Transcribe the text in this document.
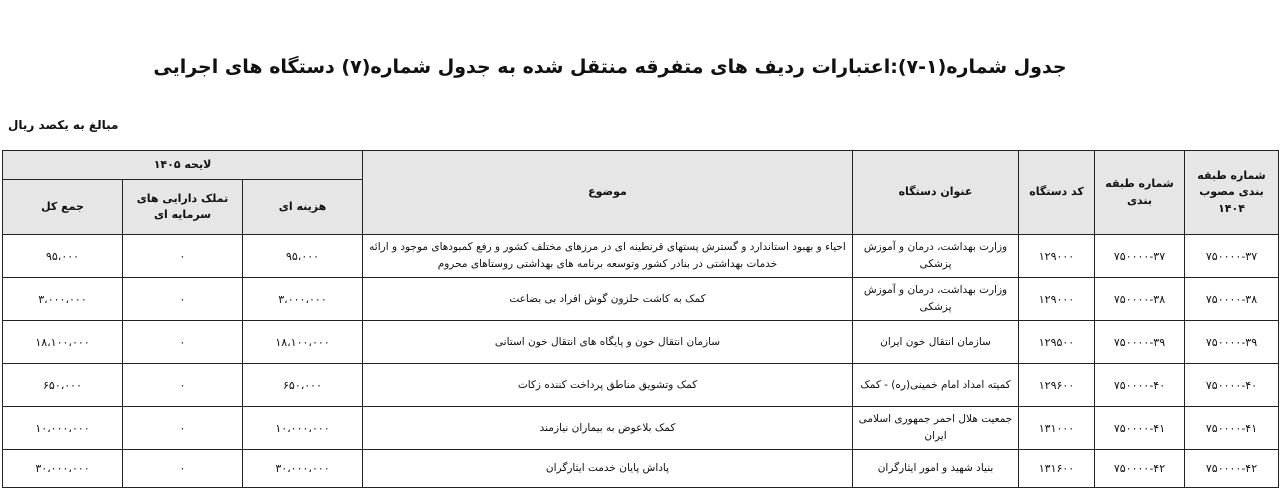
جدول شماره(۱-۷):اعتبارات ردیف های متفرقه منتقل شده به جدول شماره(۷) دستگاه های اجرایی
مبالغ به یکصد ریال
شماره طبقه بندی مصوب ۱۴۰۴	شماره طبقه بندی	کد دستگاه	عنوان دستگاه	موضوع	لایحه ۱۴۰۵		
					هزینه ای	تملک دارایی های سرمایه ای	جمع کل
۷۵۰۰۰۰-۳۷	۷۵۰۰۰۰-۳۷	۱۲۹۰۰۰	وزارت بهداشت، درمان و آموزش پزشکی	احیاء و بهبود استاندارد و گسترش پستهای قرنطینه ای در مرزهای مختلف کشور و رفع کمبودهای موجود و ارائه خدمات بهداشتی در بنادر کشور وتوسعه برنامه های بهداشتی روستاهای محروم	۹۵،۰۰۰	۰	۹۵،۰۰۰
۷۵۰۰۰۰-۳۸	۷۵۰۰۰۰-۳۸	۱۲۹۰۰۰	وزارت بهداشت، درمان و آموزش پزشکی	کمک به کاشت حلزون گوش افراد بی بضاعت	۳،۰۰۰،۰۰۰	۰	۳،۰۰۰،۰۰۰
۷۵۰۰۰۰-۳۹	۷۵۰۰۰۰-۳۹	۱۲۹۵۰۰	سازمان انتقال خون ایران	سازمان انتقال خون و پایگاه های انتقال خون استانی	۱۸،۱۰۰،۰۰۰	۰	۱۸،۱۰۰،۰۰۰
۷۵۰۰۰۰-۴۰	۷۵۰۰۰۰-۴۰	۱۲۹۶۰۰	کمیته امداد امام خمینی(ره) - کمک	کمک وتشویق مناطق پرداخت کننده زکات	۶۵۰،۰۰۰	۰	۶۵۰،۰۰۰
۷۵۰۰۰۰-۴۱	۷۵۰۰۰۰-۴۱	۱۳۱۰۰۰	جمعیت هلال احمر جمهوری اسلامی ایران	کمک بلاعوض به بیماران نیازمند	۱۰،۰۰۰،۰۰۰	۰	۱۰،۰۰۰،۰۰۰
۷۵۰۰۰۰-۴۲	۷۵۰۰۰۰-۴۲	۱۳۱۶۰۰	بنیاد شهید و امور ایثارگران	پاداش پایان خدمت ایثارگران	۳۰،۰۰۰،۰۰۰	۰	۳۰،۰۰۰،۰۰۰
